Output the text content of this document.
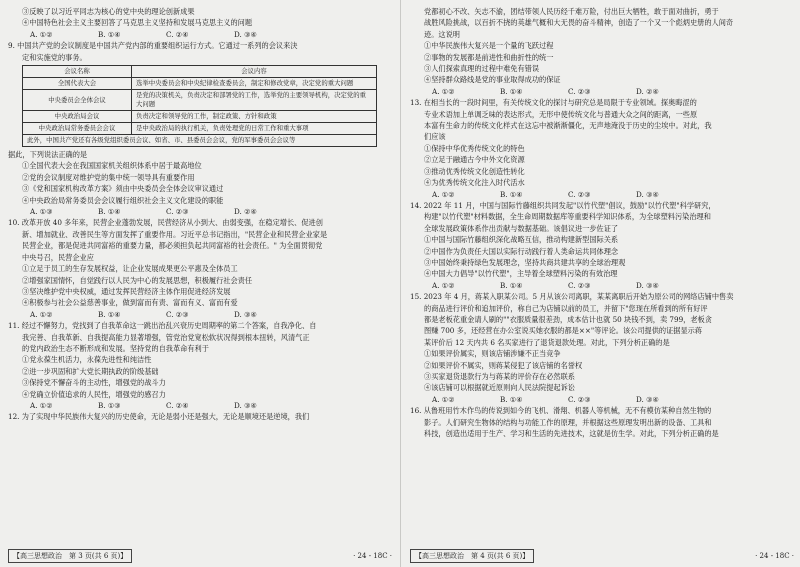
③反映了以习近平同志为核心的党中央的理论创新成果
④中国特色社会主义主要回答了马克思主义坚持和发展马克思主义的问题
A. ①②	B. ①④	C. ②④	D. ③④
9. 中国共产党的会议制度是中国共产党内部的重要组织运行方式。它通过一系列的会议来決
定和实施党的事务。
会议名称	会议内容
全国代表大会	选举中央委员会和中央纪律检查委员会，制定和修改党章，决定党的重大问题
中央委员会全体会议	是党的决策机关，负责决定和部署党的工作，选举党的主要领导机构，决定党的重大问题
中央政治局会议	负责决定和领导党的工作，制定政策、方针和政策
中央政治局常务委员会会议	是中央政治局的执行机关，负责处理党的日常工作和重大事项
此外，中国共产党还有各级党组织委员会议、如省、市、县委员会会议，党的军事委员会会议等	
据此，下列说法正确的是
①全国代表大会在我国国家机关组织体系中居于最高地位
②党的会议制度对维护党的集中统一领导具有重要作用
③《党和国家机构改革方案》须由中央委员会全体会议审议通过
④中央政治局常务委员会会议履行组织社会主义文化建设的职能
A. ①③	B. ①④	C. ②③	D. ②④
10. 改革开放 40 多年来，民营企业蓬勃发展，民营经济从小到大、由弱变强，在稳定增长、促进创
新、增加就业、改善民生等方面发挥了重要作用。习近平总书记指出，"民营企业和民营企业家是
民营企业，都是促进共同富裕的重要力量，都必须担负起共同富裕的社会责任。" 为全面贯彻党
中央号召，民营企业应
①立足于员工的生存发展权益，让企业发展成果更公平惠及全体员工
②增强家国情怀，自觉践行以人民为中心的发展思想，积极履行社会责任
③坚决维护党中央权威，通过发挥民营经济主体作用促进经济发展
④积极参与社会公益慈善事业，做到富而有责、富而有义、富而有爱
A. ①②	B. ①④	C. ②③	D. ③④
11. 经过不懈努力，党找到了自我革命这一跳出治乱兴衰历史周期率的第二个答案，自我净化、自
我完善、自我革新、自我提高能力显著增强，管党治党宽松软状况得到根本扭转，风清气正
的党内政治生态不断形成和发展。坚持党的自我革命有利于
①党永葆生机活力，永葆先进性和纯洁性
②进一步巩固和扩大党长期执政的阶级基础
③保持党不懈奋斗的主动性，增强党的战斗力
④党确立价值追求的人民性，增强党的感召力
A. ①②	B. ①③	C. ②④	D. ③④
12. 为了实现中华民族伟大复兴的历史使命，无论是弱小还是强大，无论是顺境还是逆境，我们
党都初心不改、矢志不渝，团结带领人民历经千难万险，付出巨大牺牲，敢于面对曲折，勇于
战胜风险挑战，以百折不挠的英雄气概和大无畏的奋斗精神，创造了一个又一个彪炳史册的人间奇
迹。这说明
①中华民族伟大复兴是一个量的飞跃过程
②事物的发展都是前进性和曲折性的统一
③人们探索真理的过程中难免有错误
④坚持群众路线是党的事业取得成功的保证
A. ①②	B. ①④	C. ②③	D. ②④
13. 在相当长的一段时间里，有关传统文化的探讨与研究总是局限于专业领域。探奥晦涩的
专业术语加上单调乏味的表达形式，无形中使传统文化与普通大众之间的距离，一些原
本富有生命力的传统文化样式在这忘中被渐渐僵化，无声地淹没于历史的尘埃中。对此，我
们应该
①保持中华优秀传统文化的特色
②立足于融通古今中外文化资源
③推动优秀传统文化创造性转化
④为优秀传统文化注入时代活水
A. ①②	B. ①④	C. ②③	D. ③④
14. 2022 年 11 月，中国与国际竹藤组织共同发起"以竹代塑"倡议，鼓励"以竹代塑"科学研究，
构建"以竹代塑"材料数据，全生命周期数据库等重要科学知识体系，为全球塑料污染治理和
全球发展政策体系作出贡献与数据基础。该倡议进一步佐证了
①中国与国际竹藤组织深化战略互信，推动构建新型国际关系
②中国作为负责任大国以实际行动践行着人类命运共同体理念
③中国始终秉持绿色发展理念，坚持共商共建共享的全球治理观
④中国大力倡导"以竹代塑"，主导着全球塑料污染的有效治理
A. ①②	B. ①④	C. ②③	D. ③④
15. 2023 年 4 月，蒋某入职某公司。5 月从该公司离职，某某离职后开始为原公司的网络店铺中售卖
的商品进行评价和追加评价，称自己为店铺以前的员工，并留下"您现在所看到的所有好评
都是老板花重金请人刷的""衣服质量很差劲，成本估计也就 50 块钱不到，卖 799，老板贪
图赚 700 多，还经营在办公室说买她衣服的都是××"等评论。该公司提供的证据显示蒋
某评价后 12 天内共 6 名买家进行了退货退款处理。对此，下列分析正确的是
①如果评价属实，则该店铺涉嫌不正当竞争
②如果评价不属实，则蒋某侵犯了该店铺的名誉权
③买家退货退款行为与蒋某的评价存在必然联系
④该店铺可以根据就近原则向人民法院提起诉讼
A. ①②	B. ①④	C. ②③	D. ③④
16. 从鲁班用竹木作鸟的传说到如今的飞机、滑翔、机器人等机械，无不有模仿某种自然生物的
影子。人们研究生物体的结构与功能工作的原理，并根据这些原理发明出新的设备、工具和
科技，创造出适用于生产、学习和生活的先进技术，这就是仿生学。对此，下列分析正确的是
【高三思想政治　第 3 页(共 6 页)】	· 24 - 18C ·	【高三思想政治　第 4 页(共 6 页)】	· 24 - 18C ·
